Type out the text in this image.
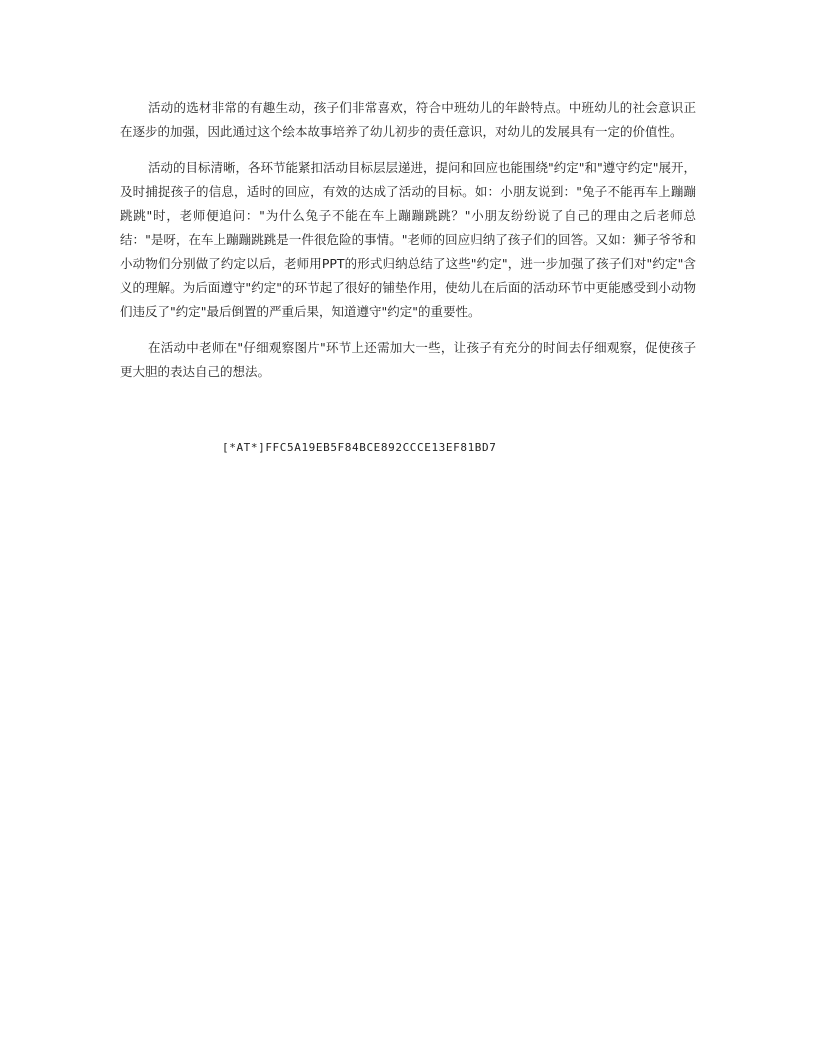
活动的选材非常的有趣生动，孩子们非常喜欢，符合中班幼儿的年龄特点。中班幼儿的社会意识正在逐步的加强，因此通过这个绘本故事培养了幼儿初步的责任意识，对幼儿的发展具有一定的价值性。

活动的目标清晰，各环节能紧扣活动目标层层递进，提问和回应也能围绕"约定"和"遵守约定"展开，及时捕捉孩子的信息，适时的回应，有效的达成了活动的目标。如：小朋友说到："兔子不能再车上蹦蹦跳跳"时，老师便追问："为什么兔子不能在车上蹦蹦跳跳？"小朋友纷纷说了自己的理由之后老师总结："是呀，在车上蹦蹦跳跳是一件很危险的事情。"老师的回应归纳了孩子们的回答。又如：狮子爷爷和小动物们分别做了约定以后，老师用PPT的形式归纳总结了这些"约定"，进一步加强了孩子们对"约定"含义的理解。为后面遵守"约定"的环节起了很好的铺垫作用，使幼儿在后面的活动环节中更能感受到小动物们违反了"约定"最后倒置的严重后果，知道遵守"约定"的重要性。

在活动中老师在"仔细观察图片"环节上还需加大一些，让孩子有充分的时间去仔细观察，促使孩子更大胆的表达自己的想法。

[*AT*]FFC5A19EB5F84BCE892CCCE13EF81BD7
